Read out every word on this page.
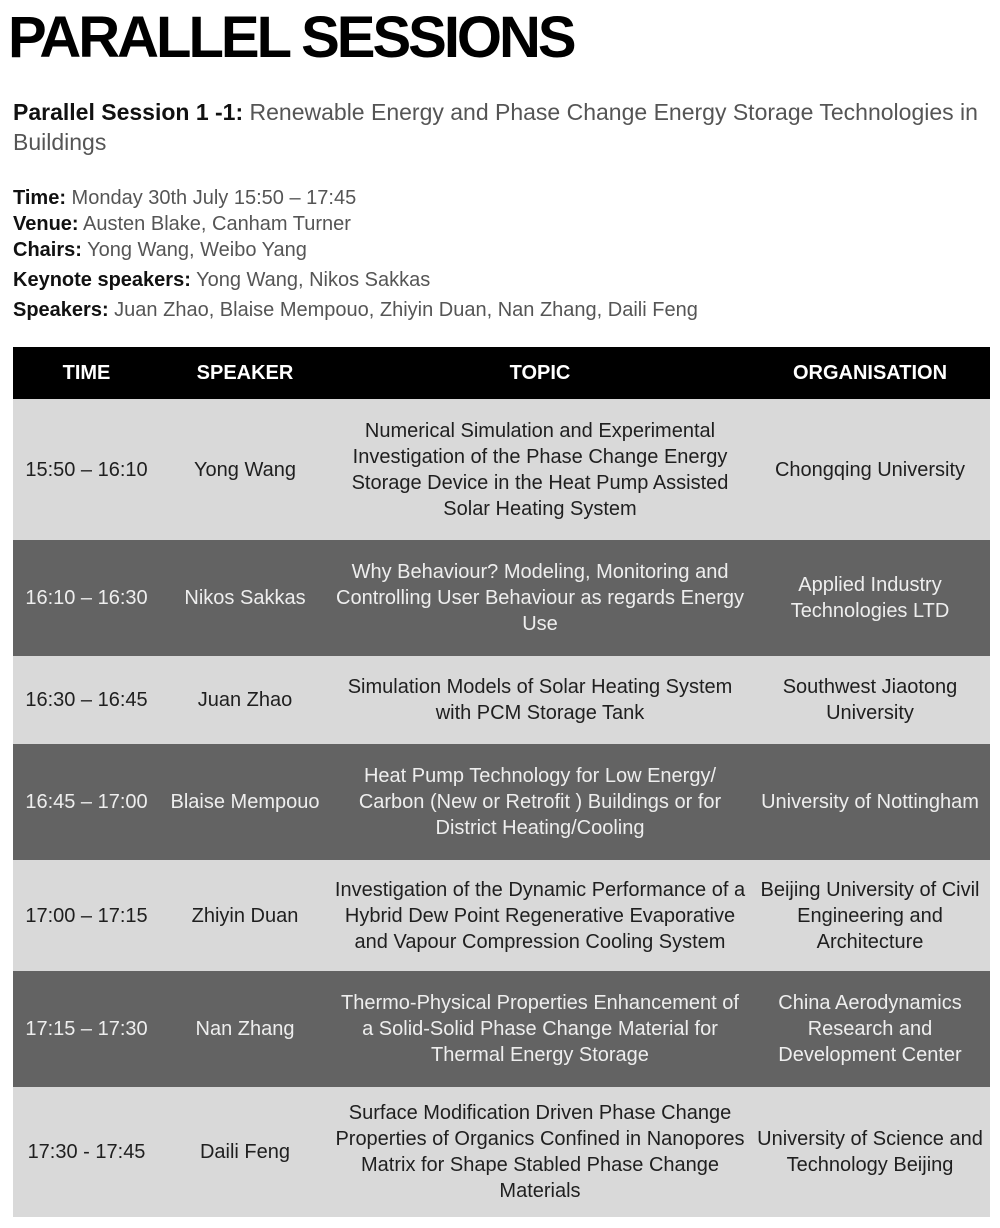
PARALLEL SESSIONS
Parallel Session 1 -1: Renewable Energy and Phase Change Energy Storage Technologies in Buildings
Time: Monday 30th July 15:50 – 17:45
Venue: Austen Blake, Canham Turner
Chairs: Yong Wang, Weibo Yang
Keynote speakers: Yong Wang, Nikos Sakkas
Speakers: Juan Zhao, Blaise Mempouo, Zhiyin Duan, Nan Zhang, Daili Feng
TIME	SPEAKER	TOPIC	ORGANISATION
15:50 – 16:10	Yong Wang	Numerical Simulation and Experimental Investigation of the Phase Change Energy Storage Device in the Heat Pump Assisted Solar Heating System	Chongqing University
16:10 – 16:30	Nikos Sakkas	Why Behaviour? Modeling, Monitoring and Controlling User Behaviour as regards Energy Use	Applied Industry Technologies LTD
16:30 – 16:45	Juan Zhao	Simulation Models of Solar Heating System with PCM Storage Tank	Southwest Jiaotong University
16:45 – 17:00	Blaise Mempouo	Heat Pump Technology for Low Energy/ Carbon (New or Retrofit ) Buildings or for District Heating/Cooling	University of Nottingham
17:00 – 17:15	Zhiyin Duan	Investigation of the Dynamic Performance of a Hybrid Dew Point Regenerative Evaporative and Vapour Compression Cooling System	Beijing University of Civil Engineering and Architecture
17:15 – 17:30	Nan Zhang	Thermo-Physical Properties Enhancement of a Solid-Solid Phase Change Material for Thermal Energy Storage	China Aerodynamics Research and Development Center
17:30 - 17:45	Daili Feng	Surface Modification Driven Phase Change Properties of Organics Confined in Nanopores Matrix for Shape Stabled Phase Change Materials	University of Science and Technology Beijing
